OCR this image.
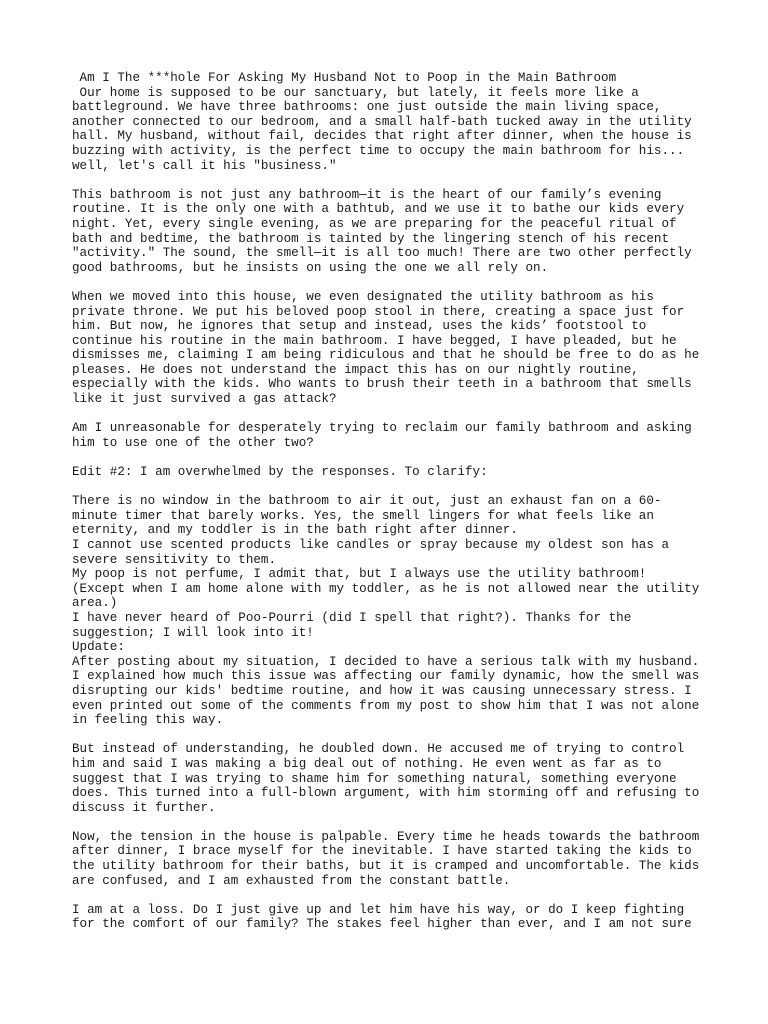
Am I The ***hole For Asking My Husband Not to Poop in the Main Bathroom
Our home is supposed to be our sanctuary, but lately, it feels more like a
battleground. We have three bathrooms: one just outside the main living space,
another connected to our bedroom, and a small half-bath tucked away in the utility
hall. My husband, without fail, decides that right after dinner, when the house is
buzzing with activity, is the perfect time to occupy the main bathroom for his...
well, let's call it his "business."
This bathroom is not just any bathroom—it is the heart of our family’s evening
routine. It is the only one with a bathtub, and we use it to bathe our kids every
night. Yet, every single evening, as we are preparing for the peaceful ritual of
bath and bedtime, the bathroom is tainted by the lingering stench of his recent
"activity." The sound, the smell—it is all too much! There are two other perfectly
good bathrooms, but he insists on using the one we all rely on.
When we moved into this house, we even designated the utility bathroom as his
private throne. We put his beloved poop stool in there, creating a space just for
him. But now, he ignores that setup and instead, uses the kids’ footstool to
continue his routine in the main bathroom. I have begged, I have pleaded, but he
dismisses me, claiming I am being ridiculous and that he should be free to do as he
pleases. He does not understand the impact this has on our nightly routine,
especially with the kids. Who wants to brush their teeth in a bathroom that smells
like it just survived a gas attack?
Am I unreasonable for desperately trying to reclaim our family bathroom and asking
him to use one of the other two?
Edit #2: I am overwhelmed by the responses. To clarify:
There is no window in the bathroom to air it out, just an exhaust fan on a 60-
minute timer that barely works. Yes, the smell lingers for what feels like an
eternity, and my toddler is in the bath right after dinner.
I cannot use scented products like candles or spray because my oldest son has a
severe sensitivity to them.
My poop is not perfume, I admit that, but I always use the utility bathroom!
(Except when I am home alone with my toddler, as he is not allowed near the utility
area.)
I have never heard of Poo-Pourri (did I spell that right?). Thanks for the
suggestion; I will look into it!
Update:
After posting about my situation, I decided to have a serious talk with my husband.
I explained how much this issue was affecting our family dynamic, how the smell was
disrupting our kids' bedtime routine, and how it was causing unnecessary stress. I
even printed out some of the comments from my post to show him that I was not alone
in feeling this way.
But instead of understanding, he doubled down. He accused me of trying to control
him and said I was making a big deal out of nothing. He even went as far as to
suggest that I was trying to shame him for something natural, something everyone
does. This turned into a full-blown argument, with him storming off and refusing to
discuss it further.
Now, the tension in the house is palpable. Every time he heads towards the bathroom
after dinner, I brace myself for the inevitable. I have started taking the kids to
the utility bathroom for their baths, but it is cramped and uncomfortable. The kids
are confused, and I am exhausted from the constant battle.
I am at a loss. Do I just give up and let him have his way, or do I keep fighting
for the comfort of our family? The stakes feel higher than ever, and I am not sure
